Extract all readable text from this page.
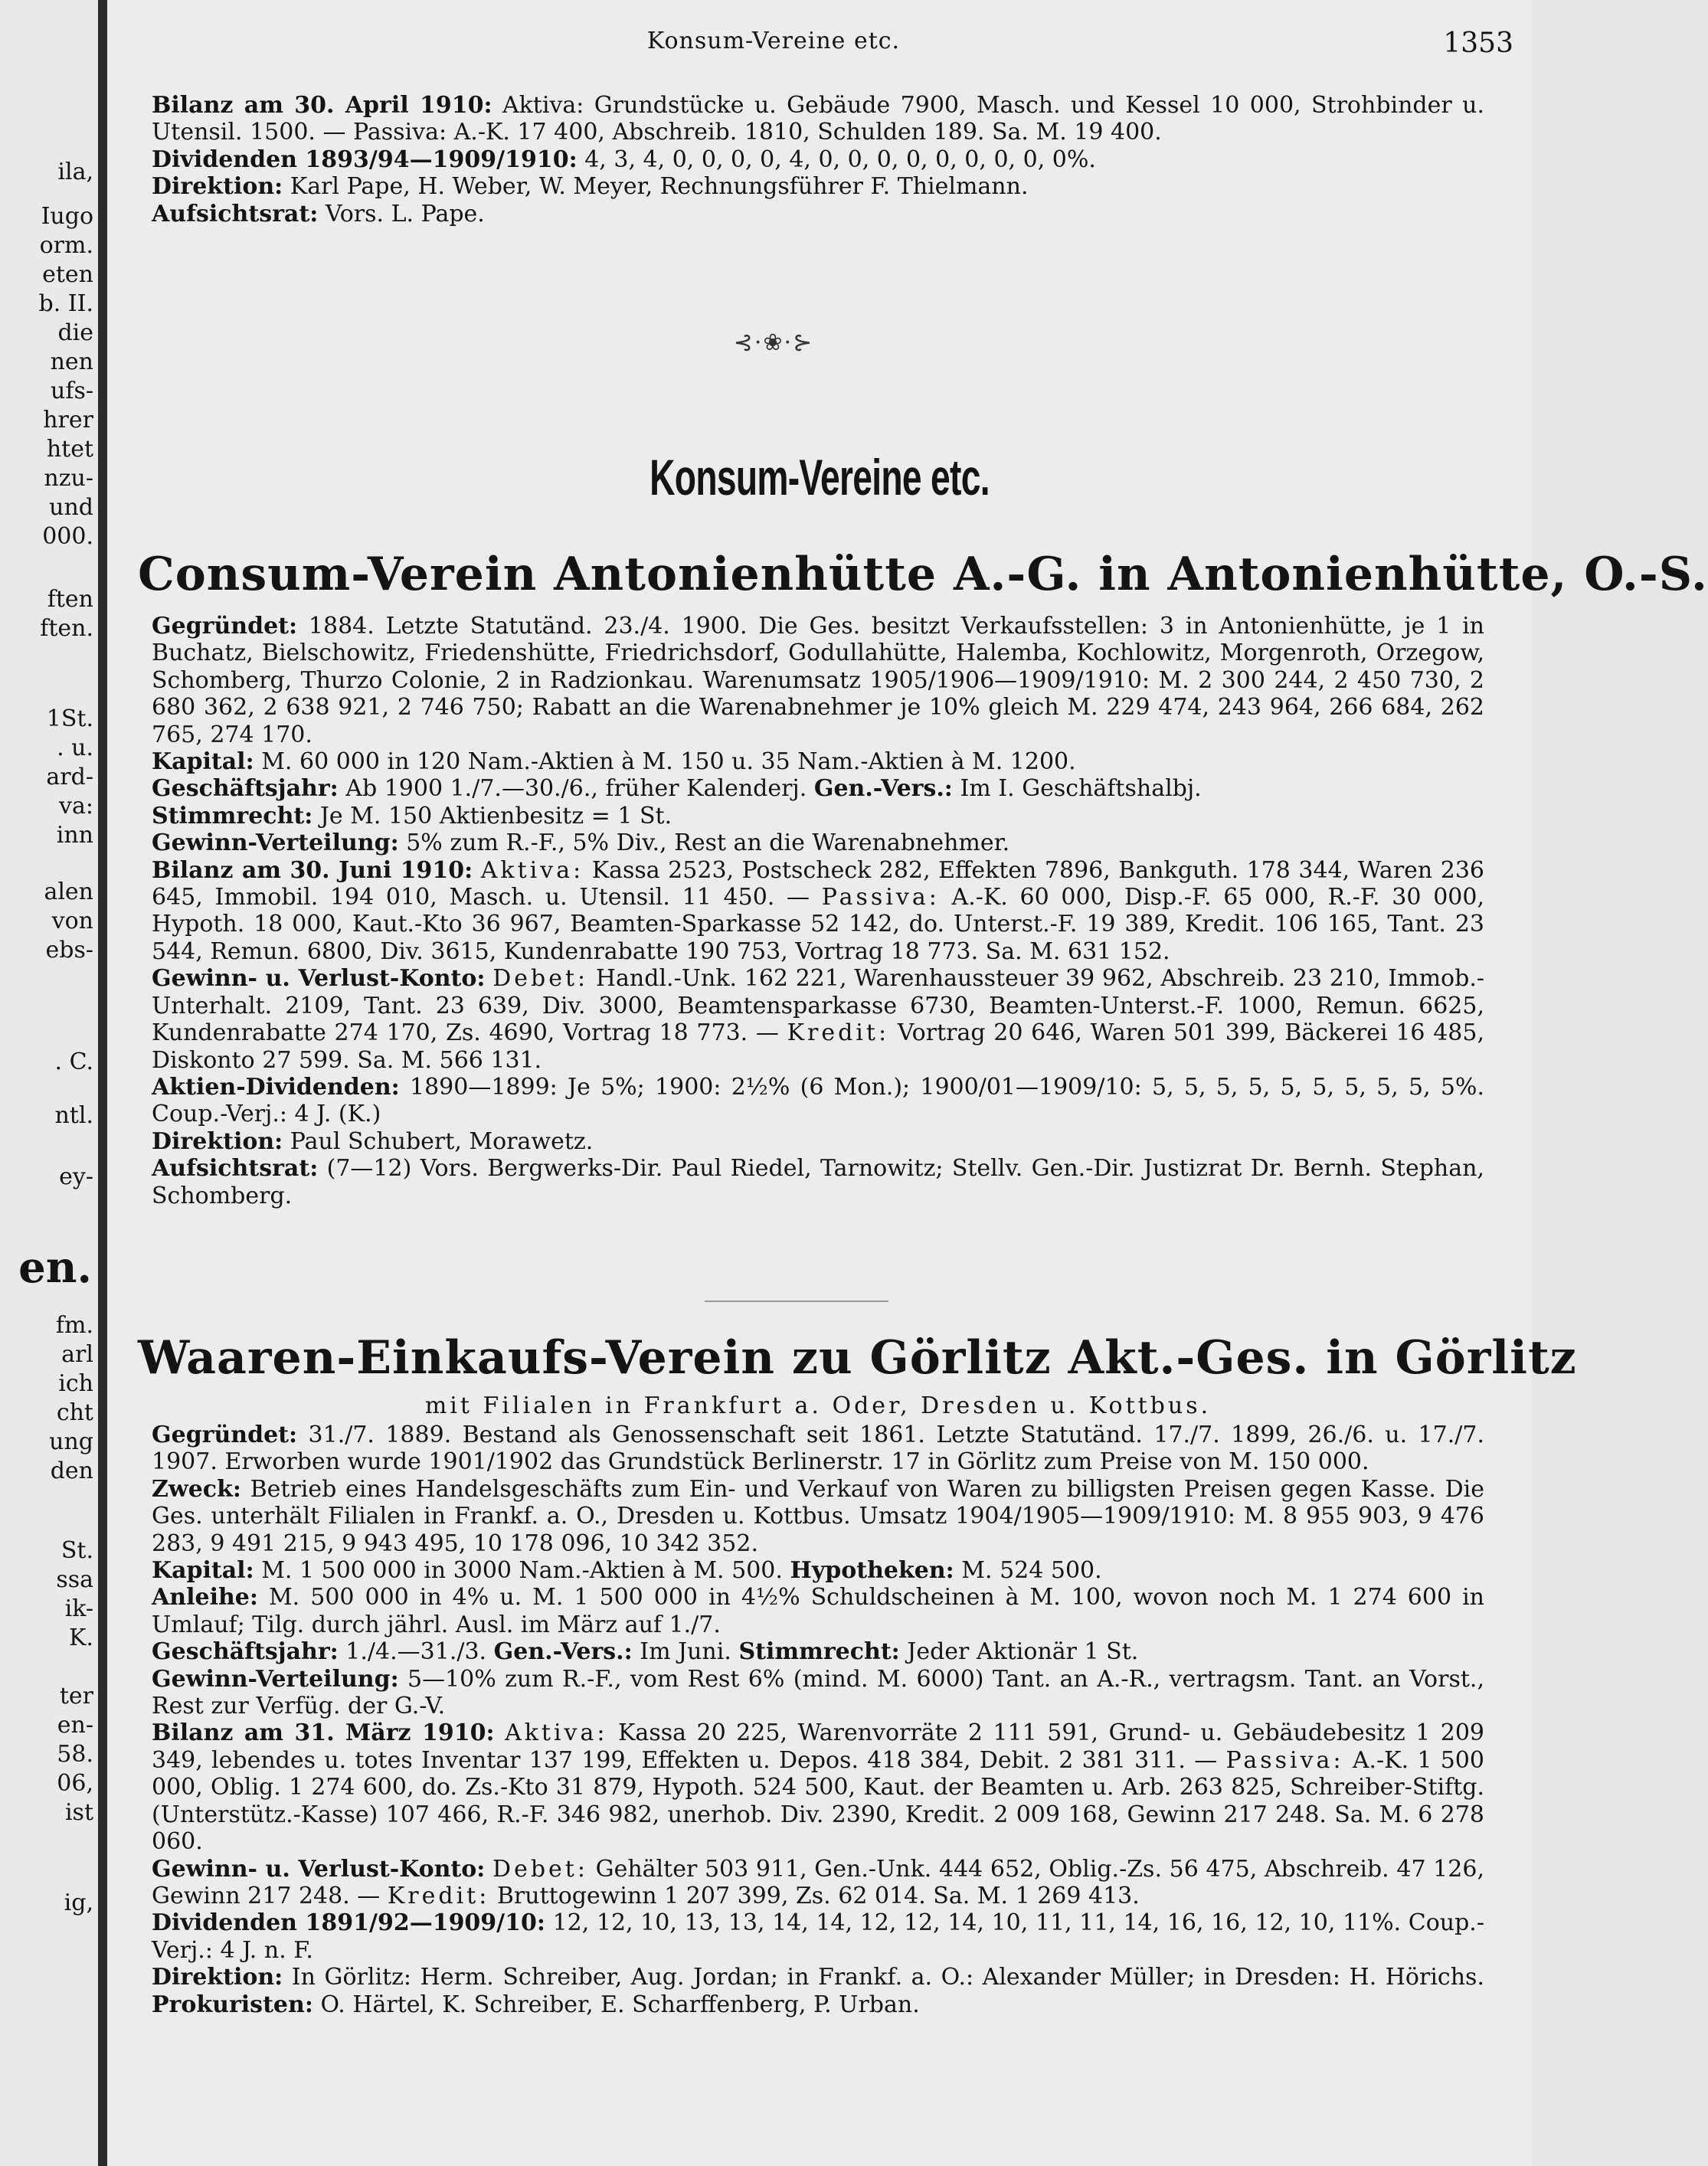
ila,
Iugo
orm.
eten
b. II.
die
nen
ufs-
hrer
htet
nzu-
und
000.
ften
ften.
1St.
. u.
ard-
va:
inn
alen
von
ebs-
. C.
ntl.
ey-
en.
fm.
arl
ich
cht
ung
den
St.
ssa
ik-
K.
ter
en-
58.
06,
ist
ig,
Konsum-Vereine etc.	1353
Bilanz am 30. April 1910: Aktiva: Grundstücke u. Gebäude 7900, Masch. und Kessel 10 000, Strohbinder u. Utensil. 1500. — Passiva: A.-K. 17 400, Abschreib. 1810, Schulden 189. Sa. M. 19 400.
Dividenden 1893/94—1909/1910: 4, 3, 4, 0, 0, 0, 0, 4, 0, 0, 0, 0, 0, 0, 0, 0, 0%.
Direktion: Karl Pape, H. Weber, W. Meyer, Rechnungsführer F. Thielmann.
Aufsichtsrat: Vors. L. Pape.
⊰·❀·⊱
Konsum-Vereine etc.
Consum-Verein Antonienhütte A.-G. in Antonienhütte, O.-S.
Gegründet: 1884. Letzte Statutänd. 23./4. 1900. Die Ges. besitzt Verkaufsstellen: 3 in Antonienhütte, je 1 in Buchatz, Bielschowitz, Friedenshütte, Friedrichsdorf, Godullahütte, Halemba, Kochlowitz, Morgenroth, Orzegow, Schomberg, Thurzo Colonie, 2 in Radzionkau. Warenumsatz 1905/1906—1909/1910: M. 2 300 244, 2 450 730, 2 680 362, 2 638 921, 2 746 750; Rabatt an die Warenabnehmer je 10% gleich M. 229 474, 243 964, 266 684, 262 765, 274 170.
Kapital: M. 60 000 in 120 Nam.-Aktien à M. 150 u. 35 Nam.-Aktien à M. 1200.
Geschäftsjahr: Ab 1900 1./7.—30./6., früher Kalenderj. Gen.-Vers.: Im I. Geschäftshalbj.
Stimmrecht: Je M. 150 Aktienbesitz = 1 St.
Gewinn-Verteilung: 5% zum R.-F., 5% Div., Rest an die Warenabnehmer.
Bilanz am 30. Juni 1910: Aktiva: Kassa 2523, Postscheck 282, Effekten 7896, Bankguth. 178 344, Waren 236 645, Immobil. 194 010, Masch. u. Utensil. 11 450. — Passiva: A.-K. 60 000, Disp.-F. 65 000, R.-F. 30 000, Hypoth. 18 000, Kaut.-Kto 36 967, Beamten-Sparkasse 52 142, do. Unterst.-F. 19 389, Kredit. 106 165, Tant. 23 544, Remun. 6800, Div. 3615, Kundenrabatte 190 753, Vortrag 18 773. Sa. M. 631 152.
Gewinn- u. Verlust-Konto: Debet: Handl.-Unk. 162 221, Warenhaussteuer 39 962, Abschreib. 23 210, Immob.-Unterhalt. 2109, Tant. 23 639, Div. 3000, Beamtensparkasse 6730, Beamten-Unterst.-F. 1000, Remun. 6625, Kundenrabatte 274 170, Zs. 4690, Vortrag 18 773. — Kredit: Vortrag 20 646, Waren 501 399, Bäckerei 16 485, Diskonto 27 599. Sa. M. 566 131.
Aktien-Dividenden: 1890—1899: Je 5%; 1900: 2½% (6 Mon.); 1900/01—1909/10: 5, 5, 5, 5, 5, 5, 5, 5, 5, 5%. Coup.-Verj.: 4 J. (K.)
Direktion: Paul Schubert, Morawetz.
Aufsichtsrat: (7—12) Vors. Bergwerks-Dir. Paul Riedel, Tarnowitz; Stellv. Gen.-Dir. Justizrat Dr. Bernh. Stephan, Schomberg.
Waaren-Einkaufs-Verein zu Görlitz Akt.-Ges. in Görlitz
mit Filialen in Frankfurt a. Oder, Dresden u. Kottbus.
Gegründet: 31./7. 1889. Bestand als Genossenschaft seit 1861. Letzte Statutänd. 17./7. 1899, 26./6. u. 17./7. 1907. Erworben wurde 1901/1902 das Grundstück Berlinerstr. 17 in Görlitz zum Preise von M. 150 000.
Zweck: Betrieb eines Handelsgeschäfts zum Ein- und Verkauf von Waren zu billigsten Preisen gegen Kasse. Die Ges. unterhält Filialen in Frankf. a. O., Dresden u. Kottbus. Umsatz 1904/1905—1909/1910: M. 8 955 903, 9 476 283, 9 491 215, 9 943 495, 10 178 096, 10 342 352.
Kapital: M. 1 500 000 in 3000 Nam.-Aktien à M. 500. Hypotheken: M. 524 500.
Anleihe: M. 500 000 in 4% u. M. 1 500 000 in 4½% Schuldscheinen à M. 100, wovon noch M. 1 274 600 in Umlauf; Tilg. durch jährl. Ausl. im März auf 1./7.
Geschäftsjahr: 1./4.—31./3. Gen.-Vers.: Im Juni. Stimmrecht: Jeder Aktionär 1 St.
Gewinn-Verteilung: 5—10% zum R.-F., vom Rest 6% (mind. M. 6000) Tant. an A.-R., vertragsm. Tant. an Vorst., Rest zur Verfüg. der G.-V.
Bilanz am 31. März 1910: Aktiva: Kassa 20 225, Warenvorräte 2 111 591, Grund- u. Gebäudebesitz 1 209 349, lebendes u. totes Inventar 137 199, Effekten u. Depos. 418 384, Debit. 2 381 311. — Passiva: A.-K. 1 500 000, Oblig. 1 274 600, do. Zs.-Kto 31 879, Hypoth. 524 500, Kaut. der Beamten u. Arb. 263 825, Schreiber-Stiftg. (Unterstütz.-Kasse) 107 466, R.-F. 346 982, unerhob. Div. 2390, Kredit. 2 009 168, Gewinn 217 248. Sa. M. 6 278 060.
Gewinn- u. Verlust-Konto: Debet: Gehälter 503 911, Gen.-Unk. 444 652, Oblig.-Zs. 56 475, Abschreib. 47 126, Gewinn 217 248. — Kredit: Bruttogewinn 1 207 399, Zs. 62 014. Sa. M. 1 269 413.
Dividenden 1891/92—1909/10: 12, 12, 10, 13, 13, 14, 14, 12, 12, 14, 10, 11, 11, 14, 16, 16, 12, 10, 11%. Coup.-Verj.: 4 J. n. F.
Direktion: In Görlitz: Herm. Schreiber, Aug. Jordan; in Frankf. a. O.: Alexander Müller; in Dresden: H. Hörichs. Prokuristen: O. Härtel, K. Schreiber, E. Scharffenberg, P. Urban.
